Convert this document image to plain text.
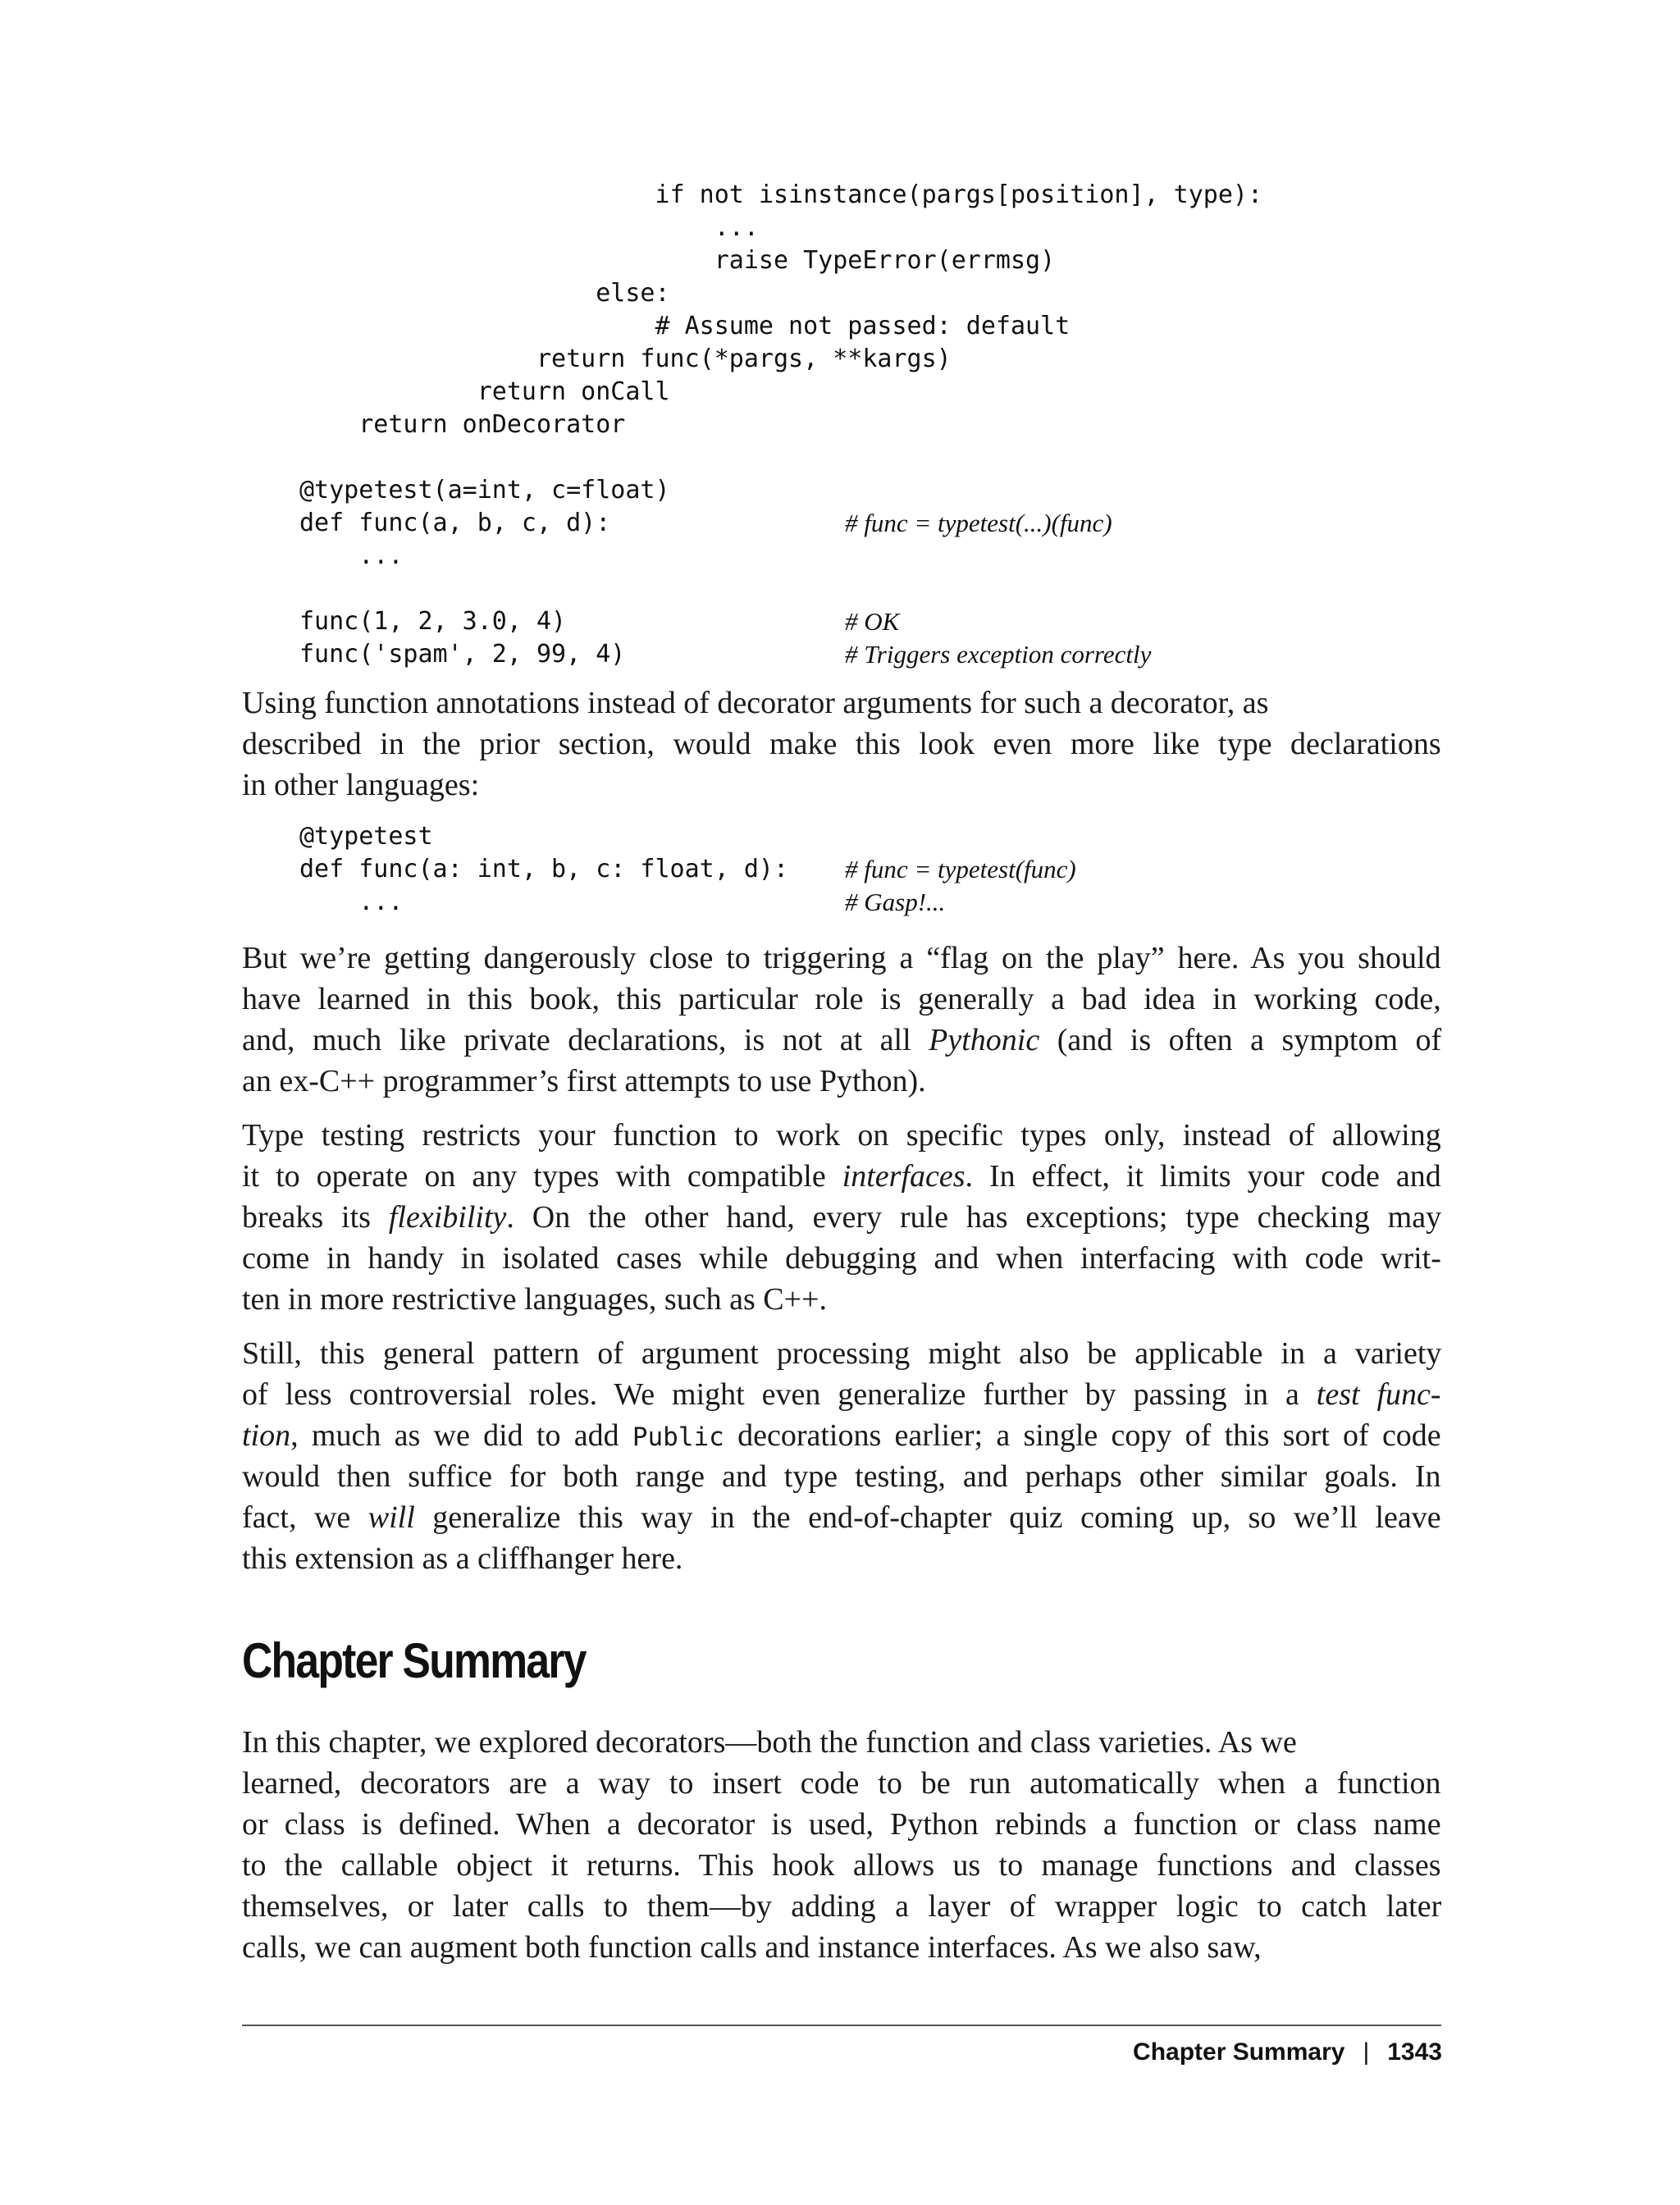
if not isinstance(pargs[position], type):
...
raise TypeError(errmsg)
else:
# Assume not passed: default
return func(*pargs, **kargs)
return onCall
return onDecorator
@typetest(a=int, c=float)
def func(a, b, c, d):	# func = typetest(...)(func)
...
func(1, 2, 3.0, 4)	# OK
func('spam', 2, 99, 4)	# Triggers exception correctly
Using function annotations instead of decorator arguments for such a decorator, as
described in the prior section, would make this look even more like type declarations
in other languages:
@typetest
def func(a: int, b, c: float, d): # func = typetest(func)
...	# Gasp!...
But we’re getting dangerously close to triggering a “flag on the play” here. As you should
have learned in this book, this particular role is generally a bad idea in working code,
and, much like private declarations, is not at all Pythonic (and is often a symptom of
an ex-C++ programmer’s first attempts to use Python).
Type testing restricts your function to work on specific types only, instead of allowing
it to operate on any types with compatible interfaces. In effect, it limits your code and
breaks its flexibility. On the other hand, every rule has exceptions; type checking may
come in handy in isolated cases while debugging and when interfacing with code writ-
ten in more restrictive languages, such as C++.
Still, this general pattern of argument processing might also be applicable in a variety
of less controversial roles. We might even generalize further by passing in a test func-
tion, much as we did to add Public decorations earlier; a single copy of this sort of code
would then suffice for both range and type testing, and perhaps other similar goals. In
fact, we will generalize this way in the end-of-chapter quiz coming up, so we’ll leave
this extension as a cliffhanger here.
Chapter Summary
In this chapter, we explored decorators—both the function and class varieties. As we
learned, decorators are a way to insert code to be run automatically when a function
or class is defined. When a decorator is used, Python rebinds a function or class name
to the callable object it returns. This hook allows us to manage functions and classes
themselves, or later calls to them—by adding a layer of wrapper logic to catch later
calls, we can augment both function calls and instance interfaces. As we also saw,
Chapter Summary | 1343
